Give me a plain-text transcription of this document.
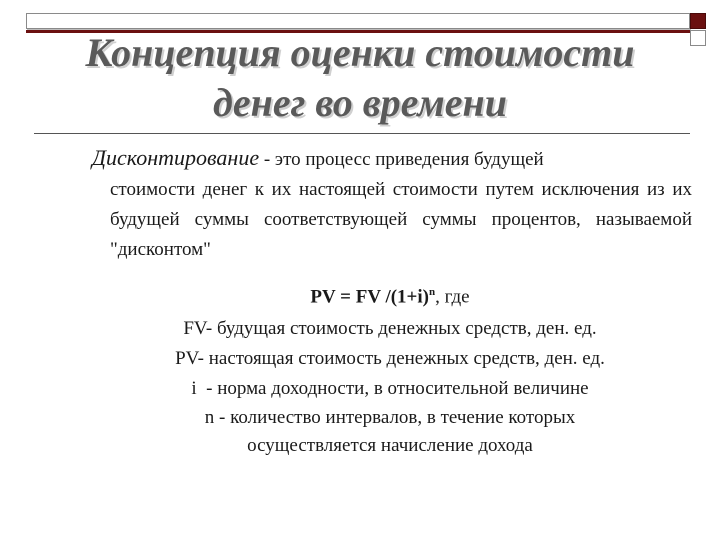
Концепция оценки стоимости
денег во времени
Дисконтирование - это процесс приведения будущей
стоимости денег к их настоящей стоимости путем исключения из их будущей суммы соответствующей суммы процентов, называемой "дисконтом"
PV = FV $/(1+i)^n$, где
FV- будущая стоимость денежных средств, ден. ед.
PV- настоящая стоимость денежных средств, ден. ед.
i  - норма доходности, в относительной величине
n - количество интервалов, в течение которых
осуществляется начисление дохода
